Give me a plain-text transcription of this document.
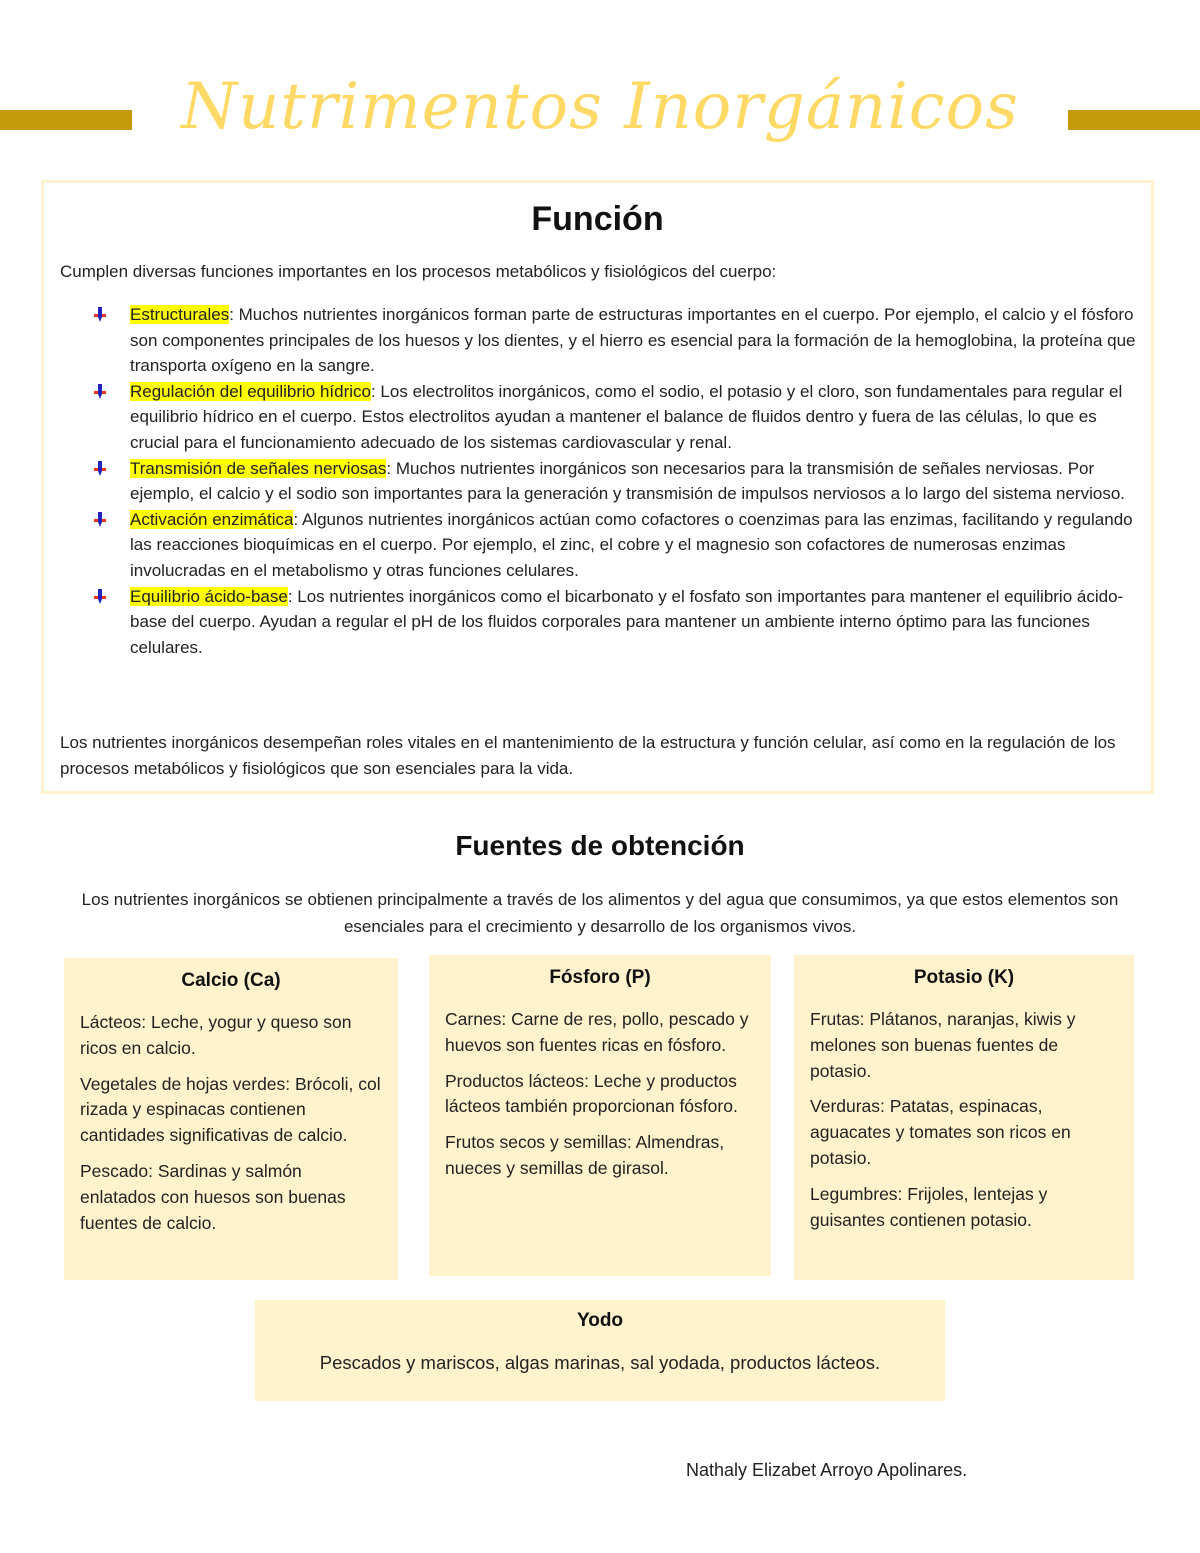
Nutrimentos Inorgánicos
Función
Cumplen diversas funciones importantes en los procesos metabólicos y fisiológicos del cuerpo:
Estructurales: Muchos nutrientes inorgánicos forman parte de estructuras importantes en el cuerpo. Por ejemplo, el calcio y el fósforo son componentes principales de los huesos y los dientes, y el hierro es esencial para la formación de la hemoglobina, la proteína que transporta oxígeno en la sangre.
Regulación del equilibrio hídrico: Los electrolitos inorgánicos, como el sodio, el potasio y el cloro, son fundamentales para regular el equilibrio hídrico en el cuerpo. Estos electrolitos ayudan a mantener el balance de fluidos dentro y fuera de las células, lo que es crucial para el funcionamiento adecuado de los sistemas cardiovascular y renal.
Transmisión de señales nerviosas: Muchos nutrientes inorgánicos son necesarios para la transmisión de señales nerviosas. Por ejemplo, el calcio y el sodio son importantes para la generación y transmisión de impulsos nerviosos a lo largo del sistema nervioso.
Activación enzimática: Algunos nutrientes inorgánicos actúan como cofactores o coenzimas para las enzimas, facilitando y regulando las reacciones bioquímicas en el cuerpo. Por ejemplo, el zinc, el cobre y el magnesio son cofactores de numerosas enzimas involucradas en el metabolismo y otras funciones celulares.
Equilibrio ácido-base: Los nutrientes inorgánicos como el bicarbonato y el fosfato son importantes para mantener el equilibrio ácido-base del cuerpo. Ayudan a regular el pH de los fluidos corporales para mantener un ambiente interno óptimo para las funciones celulares.
Los nutrientes inorgánicos desempeñan roles vitales en el mantenimiento de la estructura y función celular, así como en la regulación de los procesos metabólicos y fisiológicos que son esenciales para la vida.
Fuentes de obtención
Los nutrientes inorgánicos se obtienen principalmente a través de los alimentos y del agua que consumimos, ya que estos elementos son esenciales para el crecimiento y desarrollo de los organismos vivos.
Calcio (Ca)

Lácteos: Leche, yogur y queso son ricos en calcio.

Vegetales de hojas verdes: Brócoli, col rizada y espinacas contienen cantidades significativas de calcio.

Pescado: Sardinas y salmón enlatados con huesos son buenas fuentes de calcio.

Fósforo (P)

Carnes: Carne de res, pollo, pescado y huevos son fuentes ricas en fósforo.

Productos lácteos: Leche y productos lácteos también proporcionan fósforo.

Frutos secos y semillas: Almendras, nueces y semillas de girasol.

Potasio (K)

Frutas: Plátanos, naranjas, kiwis y melones son buenas fuentes de potasio.

Verduras: Patatas, espinacas, aguacates y tomates son ricos en potasio.

Legumbres: Frijoles, lentejas y guisantes contienen potasio.

Yodo

Pescados y mariscos, algas marinas, sal yodada, productos lácteos.

Nathaly Elizabet Arroyo Apolinares.
